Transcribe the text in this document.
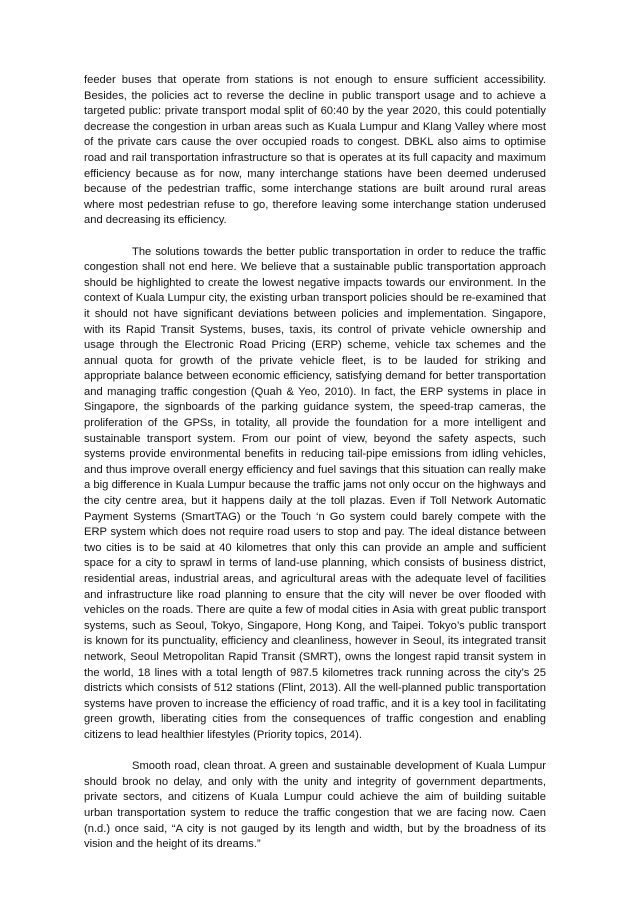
feeder buses that operate from stations is not enough to ensure sufficient accessibility. Besides, the policies act to reverse the decline in public transport usage and to achieve a targeted public: private transport modal split of 60:40 by the year 2020, this could potentially decrease the congestion in urban areas such as Kuala Lumpur and Klang Valley where most of the private cars cause the over occupied roads to congest. DBKL also aims to optimise road and rail transportation infrastructure so that is operates at its full capacity and maximum efficiency because as for now, many interchange stations have been deemed underused because of the pedestrian traffic, some interchange stations are built around rural areas where most pedestrian refuse to go, therefore leaving some interchange station underused and decreasing its efficiency.

The solutions towards the better public transportation in order to reduce the traffic congestion shall not end here. We believe that a sustainable public transportation approach should be highlighted to create the lowest negative impacts towards our environment. In the context of Kuala Lumpur city, the existing urban transport policies should be re-examined that it should not have significant deviations between policies and implementation. Singapore, with its Rapid Transit Systems, buses, taxis, its control of private vehicle ownership and usage through the Electronic Road Pricing (ERP) scheme, vehicle tax schemes and the annual quota for growth of the private vehicle fleet, is to be lauded for striking and appropriate balance between economic efficiency, satisfying demand for better transportation and managing traffic congestion (Quah & Yeo, 2010). In fact, the ERP systems in place in Singapore, the signboards of the parking guidance system, the speed-trap cameras, the proliferation of the GPSs, in totality, all provide the foundation for a more intelligent and sustainable transport system. From our point of view, beyond the safety aspects, such systems provide environmental benefits in reducing tail-pipe emissions from idling vehicles, and thus improve overall energy efficiency and fuel savings that this situation can really make a big difference in Kuala Lumpur because the traffic jams not only occur on the highways and the city centre area, but it happens daily at the toll plazas. Even if Toll Network Automatic Payment Systems (SmartTAG) or the Touch ‘n Go system could barely compete with the ERP system which does not require road users to stop and pay. The ideal distance between two cities is to be said at 40 kilometres that only this can provide an ample and sufficient space for a city to sprawl in terms of land-use planning, which consists of business district, residential areas, industrial areas, and agricultural areas with the adequate level of facilities and infrastructure like road planning to ensure that the city will never be over flooded with vehicles on the roads. There are quite a few of modal cities in Asia with great public transport systems, such as Seoul, Tokyo, Singapore, Hong Kong, and Taipei. Tokyo’s public transport is known for its punctuality, efficiency and cleanliness, however in Seoul, its integrated transit network, Seoul Metropolitan Rapid Transit (SMRT), owns the longest rapid transit system in the world, 18 lines with a total length of 987.5 kilometres track running across the city’s 25 districts which consists of 512 stations (Flint, 2013). All the well-planned public transportation systems have proven to increase the efficiency of road traffic, and it is a key tool in facilitating green growth, liberating cities from the consequences of traffic congestion and enabling citizens to lead healthier lifestyles (Priority topics, 2014).

Smooth road, clean throat. A green and sustainable development of Kuala Lumpur should brook no delay, and only with the unity and integrity of government departments, private sectors, and citizens of Kuala Lumpur could achieve the aim of building suitable urban transportation system to reduce the traffic congestion that we are facing now. Caen (n.d.) once said, “A city is not gauged by its length and width, but by the broadness of its vision and the height of its dreams.”
